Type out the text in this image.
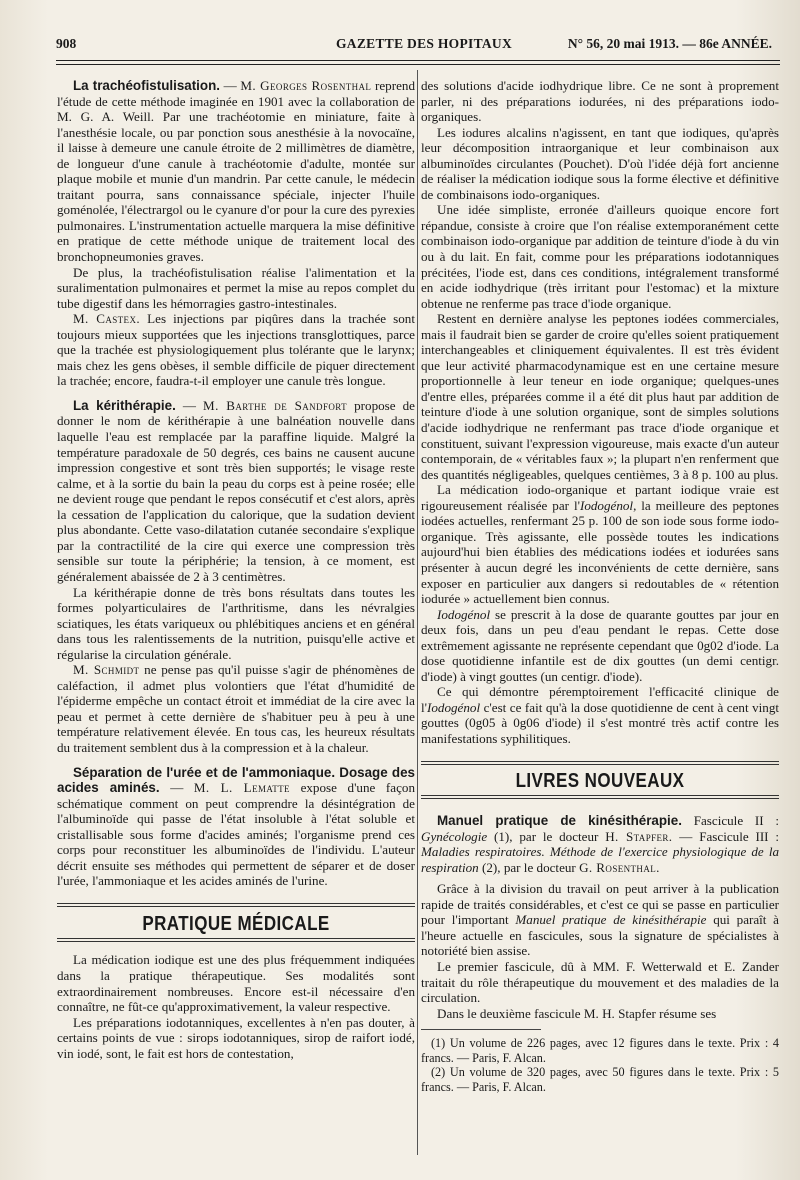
908	GAZETTE DES HOPITAUX	N° 56, 20 mai 1913. — 86e ANNÉE.

La trachéofistulisation. — M. Georges Rosenthal reprend l'étude de cette méthode imaginée en 1901 avec la collaboration de M. G. A. Weill. Par une trachéotomie en miniature, faite à l'anesthésie locale, ou par ponction sous anesthésie à la novocaïne, il laisse à demeure une canule étroite de 2 millimètres de diamètre, de longueur d'une canule à trachéotomie d'adulte, montée sur plaque mobile et munie d'un mandrin. Par cette canule, le médecin traitant pourra, sans connaissance spéciale, injecter l'huile goménolée, l'électrargol ou le cyanure d'or pour la cure des pyrexies pulmonaires. L'instrumentation actuelle marquera la mise définitive en pratique de cette méthode unique de traitement local des bronchopneumonies graves.

De plus, la trachéofistulisation réalise l'alimentation et la suralimentation pulmonaires et permet la mise au repos complet du tube digestif dans les hémorragies gastro-intestinales.

M. Castex. Les injections par piqûres dans la trachée sont toujours mieux supportées que les injections transglottiques, parce que la trachée est physiologiquement plus tolérante que le larynx; mais chez les gens obèses, il semble difficile de piquer directement la trachée; encore, faudra-t-il employer une canule très longue.

La kérithérapie. — M. Barthe de Sandfort propose de donner le nom de kérithérapie à une balnéation nouvelle dans laquelle l'eau est remplacée par la paraffine liquide. Malgré la température paradoxale de 50 degrés, ces bains ne causent aucune impression congestive et sont très bien supportés; le visage reste calme, et à la sortie du bain la peau du corps est à peine rosée; elle ne devient rouge que pendant le repos consécutif et c'est alors, après la cessation de l'application du calorique, que la sudation devient plus abondante. Cette vaso-dilatation cutanée secondaire s'explique par la contractilité de la cire qui exerce une compression très sensible sur toute la périphérie; la tension, à ce moment, est généralement abaissée de 2 à 3 centimètres.

La kérithérapie donne de très bons résultats dans toutes les formes polyarticulaires de l'arthritisme, dans les névralgies sciatiques, les états variqueux ou phlébitiques anciens et en général dans tous les ralentissements de la nutrition, puisqu'elle active et régularise la circulation générale.

M. Schmidt ne pense pas qu'il puisse s'agir de phénomènes de caléfaction, il admet plus volontiers que l'état d'humidité de l'épiderme empêche un contact étroit et immédiat de la cire avec la peau et permet à cette dernière de s'habituer peu à peu à une température relativement élevée. En tous cas, les heureux résultats du traitement semblent dus à la compression et à la chaleur.

Séparation de l'urée et de l'ammoniaque. Dosage des acides aminés. — M. L. Lematte expose d'une façon schématique comment on peut comprendre la désintégration de l'albuminoïde qui passe de l'état insoluble à l'état soluble et cristallisable sous forme d'acides aminés; l'organisme prend ces corps pour reconstituer les albuminoïdes de l'individu. L'auteur décrit ensuite ses méthodes qui permettent de séparer et de doser l'urée, l'ammoniaque et les acides aminés de l'urine.

PRATIQUE MÉDICALE

La médication iodique est une des plus fréquemment indiquées dans la pratique thérapeutique. Ses modalités sont extraordinairement nombreuses. Encore est-il nécessaire d'en connaître, ne fût-ce qu'approximativement, la valeur respective.

Les préparations iodotanniques, excellentes à n'en pas douter, à certains points de vue : sirops iodotanniques, sirop de raifort iodé, vin iodé, sont, le fait est hors de contestation,

des solutions d'acide iodhydrique libre. Ce ne sont à proprement parler, ni des préparations iodurées, ni des préparations iodo-organiques.

Les iodures alcalins n'agissent, en tant que iodiques, qu'après leur décomposition intraorganique et leur combinaison aux albuminoïdes circulantes (Pouchet). D'où l'idée déjà fort ancienne de réaliser la médication iodique sous la forme élective et définitive de combinaisons iodo-organiques.

Une idée simpliste, erronée d'ailleurs quoique encore fort répandue, consiste à croire que l'on réalise extemporanément cette combinaison iodo-organique par addition de teinture d'iode à du vin ou à du lait. En fait, comme pour les préparations iodotanniques précitées, l'iode est, dans ces conditions, intégralement transformé en acide iodhydrique (très irritant pour l'estomac) et la mixture obtenue ne renferme pas trace d'iode organique.

Restent en dernière analyse les peptones iodées commerciales, mais il faudrait bien se garder de croire qu'elles soient pratiquement interchangeables et cliniquement équivalentes. Il est très évident que leur activité pharmacodynamique est en une certaine mesure proportionnelle à leur teneur en iode organique; quelques-unes d'entre elles, préparées comme il a été dit plus haut par addition de teinture d'iode à une solution organique, sont de simples solutions d'acide iodhydrique ne renfermant pas trace d'iode organique et constituent, suivant l'expression vigoureuse, mais exacte d'un auteur contemporain, de « véritables faux »; la plupart n'en renferment que des quantités négligeables, quelques centièmes, 3 à 8 p. 100 au plus.

La médication iodo-organique et partant iodique vraie est rigoureusement réalisée par l'Iodogénol, la meilleure des peptones iodées actuelles, renfermant 25 p. 100 de son iode sous forme iodo-organique. Très agissante, elle possède toutes les indications aujourd'hui bien établies des médications iodées et iodurées sans présenter à aucun degré les inconvénients de cette dernière, sans exposer en particulier aux dangers si redoutables de « rétention iodurée » actuellement bien connus.

Iodogénol se prescrit à la dose de quarante gouttes par jour en deux fois, dans un peu d'eau pendant le repas. Cette dose extrêmement agissante ne représente cependant que 0g02 d'iode. La dose quotidienne infantile est de dix gouttes (un demi centigr. d'iode) à vingt gouttes (un centigr. d'iode).

Ce qui démontre péremptoirement l'efficacité clinique de l'Iodogénol c'est ce fait qu'à la dose quotidienne de cent à cent vingt gouttes (0g05 à 0g06 d'iode) il s'est montré très actif contre les manifestations syphilitiques.

LIVRES NOUVEAUX

Manuel pratique de kinésithérapie. Fascicule II : Gynécologie (1), par le docteur H. Stapfer. — Fascicule III : Maladies respiratoires. Méthode de l'exercice physiologique de la respiration (2), par le docteur G. Rosenthal.

Grâce à la division du travail on peut arriver à la publication rapide de traités considérables, et c'est ce qui se passe en particulier pour l'important Manuel pratique de kinésithérapie qui paraît à l'heure actuelle en fascicules, sous la signature de spécialistes à notoriété bien assise.

Le premier fascicule, dû à MM. F. Wetterwald et E. Zander traitait du rôle thérapeutique du mouvement et des maladies de la circulation.

Dans le deuxième fascicule M. H. Stapfer résume ses

(1) Un volume de 226 pages, avec 12 figures dans le texte. Prix : 4 francs. — Paris, F. Alcan.

(2) Un volume de 320 pages, avec 50 figures dans le texte. Prix : 5 francs. — Paris, F. Alcan.
